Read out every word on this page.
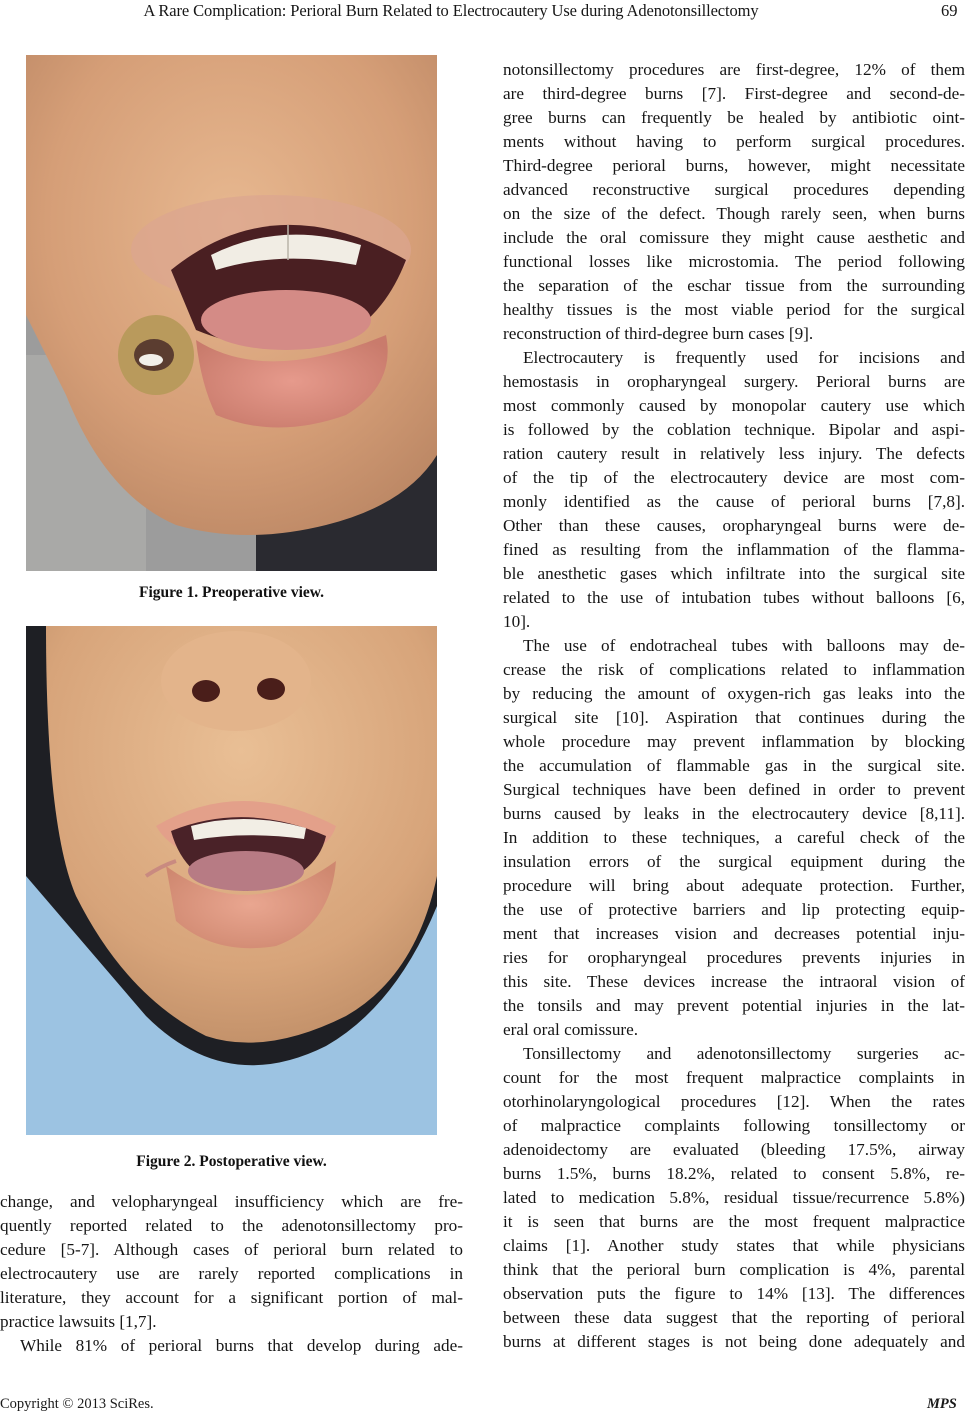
A Rare Complication: Perioral Burn Related to Electrocautery Use during Adenotonsillectomy	69
Figure 1. Preoperative view.
Figure 2. Postoperative view.
change, and velopharyngeal insufficiency which are fre-
quently reported related to the adenotonsillectomy pro-
cedure [5-7]. Although cases of perioral burn related to
electrocautery use are rarely reported complications in
literature, they account for a significant portion of mal-
practice lawsuits [1,7].
While 81% of perioral burns that develop during ade-
notonsillectomy procedures are first-degree, 12% of them
are third-degree burns [7]. First-degree and second-de-
gree burns can frequently be healed by antibiotic oint-
ments without having to perform surgical procedures.
Third-degree perioral burns, however, might necessitate
advanced reconstructive surgical procedures depending
on the size of the defect. Though rarely seen, when burns
include the oral comissure they might cause aesthetic and
functional losses like microstomia. The period following
the separation of the eschar tissue from the surrounding
healthy tissues is the most viable period for the surgical
reconstruction of third-degree burn cases [9].
Electrocautery is frequently used for incisions and
hemostasis in oropharyngeal surgery. Perioral burns are
most commonly caused by monopolar cautery use which
is followed by the coblation technique. Bipolar and aspi-
ration cautery result in relatively less injury. The defects
of the tip of the electrocautery device are most com-
monly identified as the cause of perioral burns [7,8].
Other than these causes, oropharyngeal burns were de-
fined as resulting from the inflammation of the flamma-
ble anesthetic gases which infiltrate into the surgical site
related to the use of intubation tubes without balloons [6,
10].
The use of endotracheal tubes with balloons may de-
crease the risk of complications related to inflammation
by reducing the amount of oxygen-rich gas leaks into the
surgical site [10]. Aspiration that continues during the
whole procedure may prevent inflammation by blocking
the accumulation of flammable gas in the surgical site.
Surgical techniques have been defined in order to prevent
burns caused by leaks in the electrocautery device [8,11].
In addition to these techniques, a careful check of the
insulation errors of the surgical equipment during the
procedure will bring about adequate protection. Further,
the use of protective barriers and lip protecting equip-
ment that increases vision and decreases potential inju-
ries for oropharyngeal procedures prevents injuries in
this site. These devices increase the intraoral vision of
the tonsils and may prevent potential injuries in the lat-
eral oral comissure.
Tonsillectomy and adenotonsillectomy surgeries ac-
count for the most frequent malpractice complaints in
otorhinolaryngological procedures [12]. When the rates
of malpractice complaints following tonsillectomy or
adenoidectomy are evaluated (bleeding 17.5%, airway
burns 1.5%, burns 18.2%, related to consent 5.8%, re-
lated to medication 5.8%, residual tissue/recurrence 5.8%)
it is seen that burns are the most frequent malpractice
claims [1]. Another study states that while physicians
think that the perioral burn complication is 4%, parental
observation puts the figure to 14% [13]. The differences
between these data suggest that the reporting of perioral
burns at different stages is not being done adequately and
Copyright © 2013 SciRes.	MPS
